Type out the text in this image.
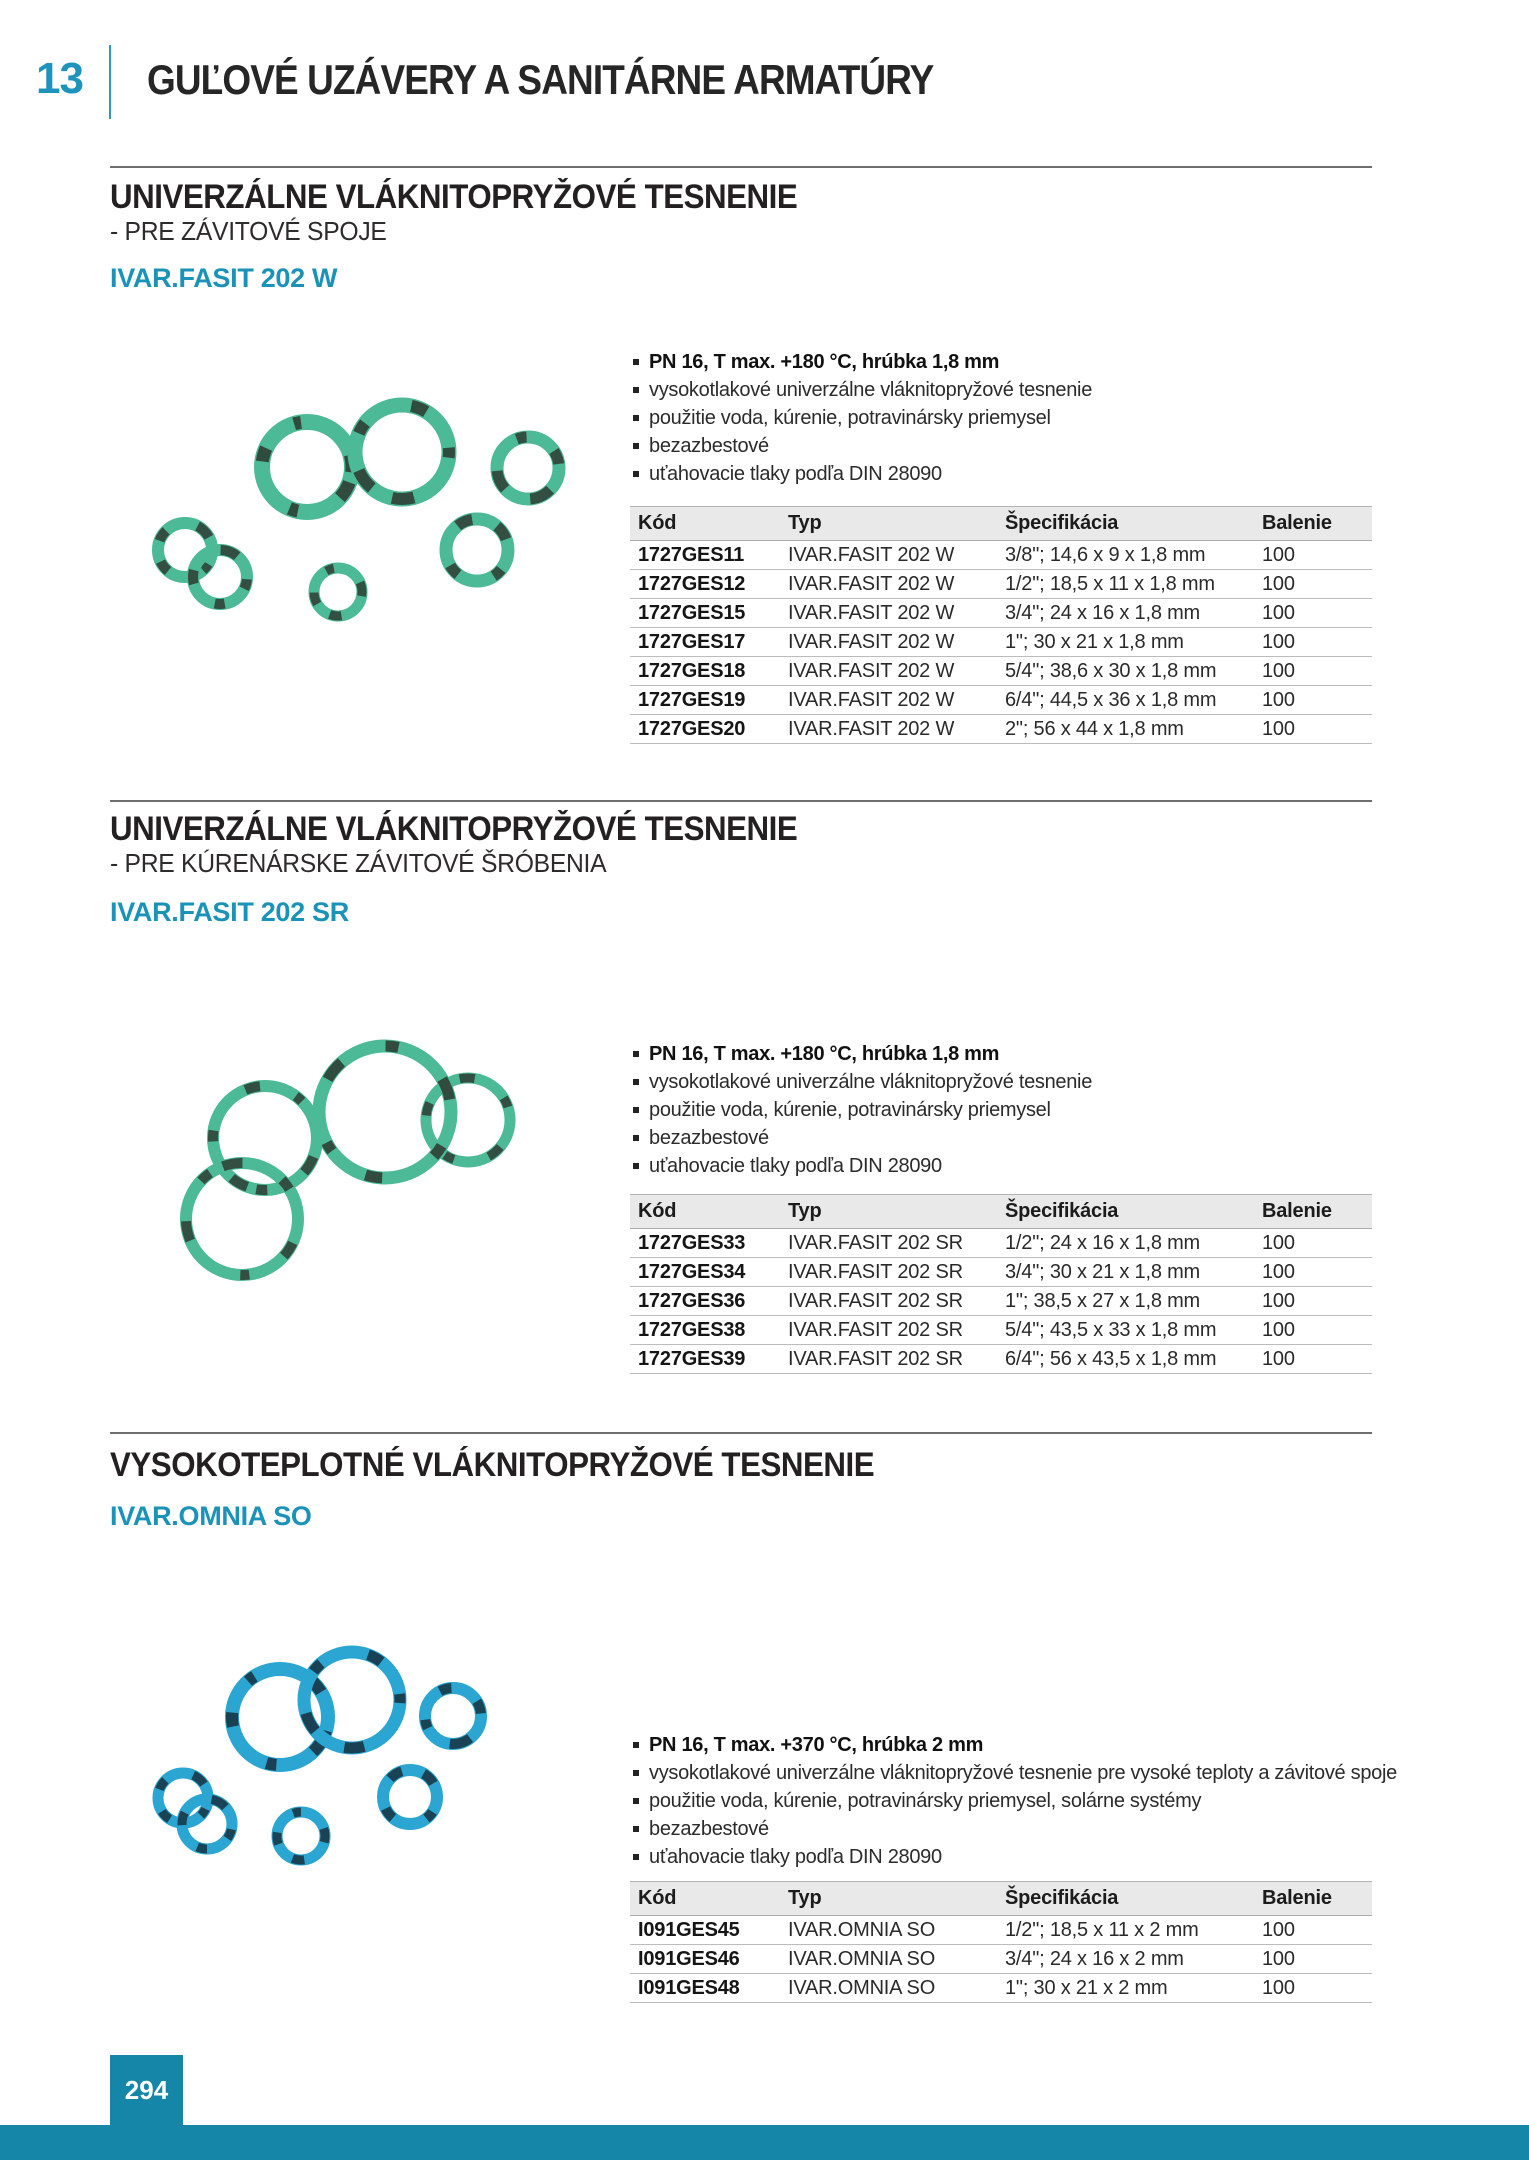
13 GUĽOVÉ UZÁVERY A SANITÁRNE ARMATÚRY
UNIVERZÁLNE VLÁKNITOPRYŽOVÉ TESNENIE
- PRE ZÁVITOVÉ SPOJE
IVAR.FASIT 202 W
PN 16, T max. +180 °C, hrúbka 1,8 mm
vysokotlakové univerzálne vláknitopryžové tesnenie
použitie voda, kúrenie, potravinársky priemysel
bezazbestové
uťahovacie tlaky podľa DIN 28090
Kód	Typ	Špecifikácia	Balenie
1727GES11	IVAR.FASIT 202 W	3/8"; 14,6 x 9 x 1,8 mm	100
1727GES12	IVAR.FASIT 202 W	1/2"; 18,5 x 11 x 1,8 mm	100
1727GES15	IVAR.FASIT 202 W	3/4"; 24 x 16 x 1,8 mm	100
1727GES17	IVAR.FASIT 202 W	1"; 30 x 21 x 1,8 mm	100
1727GES18	IVAR.FASIT 202 W	5/4"; 38,6 x 30 x 1,8 mm	100
1727GES19	IVAR.FASIT 202 W	6/4"; 44,5 x 36 x 1,8 mm	100
1727GES20	IVAR.FASIT 202 W	2"; 56 x 44 x 1,8 mm	100
UNIVERZÁLNE VLÁKNITOPRYŽOVÉ TESNENIE
- PRE KÚRENÁRSKE ZÁVITOVÉ ŠRÓBENIA
IVAR.FASIT 202 SR
PN 16, T max. +180 °C, hrúbka 1,8 mm
vysokotlakové univerzálne vláknitopryžové tesnenie
použitie voda, kúrenie, potravinársky priemysel
bezazbestové
uťahovacie tlaky podľa DIN 28090
Kód	Typ	Špecifikácia	Balenie
1727GES33	IVAR.FASIT 202 SR	1/2"; 24 x 16 x 1,8 mm	100
1727GES34	IVAR.FASIT 202 SR	3/4"; 30 x 21 x 1,8 mm	100
1727GES36	IVAR.FASIT 202 SR	1"; 38,5 x 27 x 1,8 mm	100
1727GES38	IVAR.FASIT 202 SR	5/4"; 43,5 x 33 x 1,8 mm	100
1727GES39	IVAR.FASIT 202 SR	6/4"; 56 x 43,5 x 1,8 mm	100
VYSOKOTEPLOTNÉ VLÁKNITOPRYŽOVÉ TESNENIE
IVAR.OMNIA SO
PN 16, T max. +370 °C, hrúbka 2 mm
vysokotlakové univerzálne vláknitopryžové tesnenie pre vysoké teploty a závitové spoje
použitie voda, kúrenie, potravinársky priemysel, solárne systémy
bezazbestové
uťahovacie tlaky podľa DIN 28090
Kód	Typ	Špecifikácia	Balenie
I091GES45	IVAR.OMNIA SO	1/2"; 18,5 x 11 x 2 mm	100
I091GES46	IVAR.OMNIA SO	3/4"; 24 x 16 x 2 mm	100
I091GES48	IVAR.OMNIA SO	1"; 30 x 21 x 2 mm	100
294
